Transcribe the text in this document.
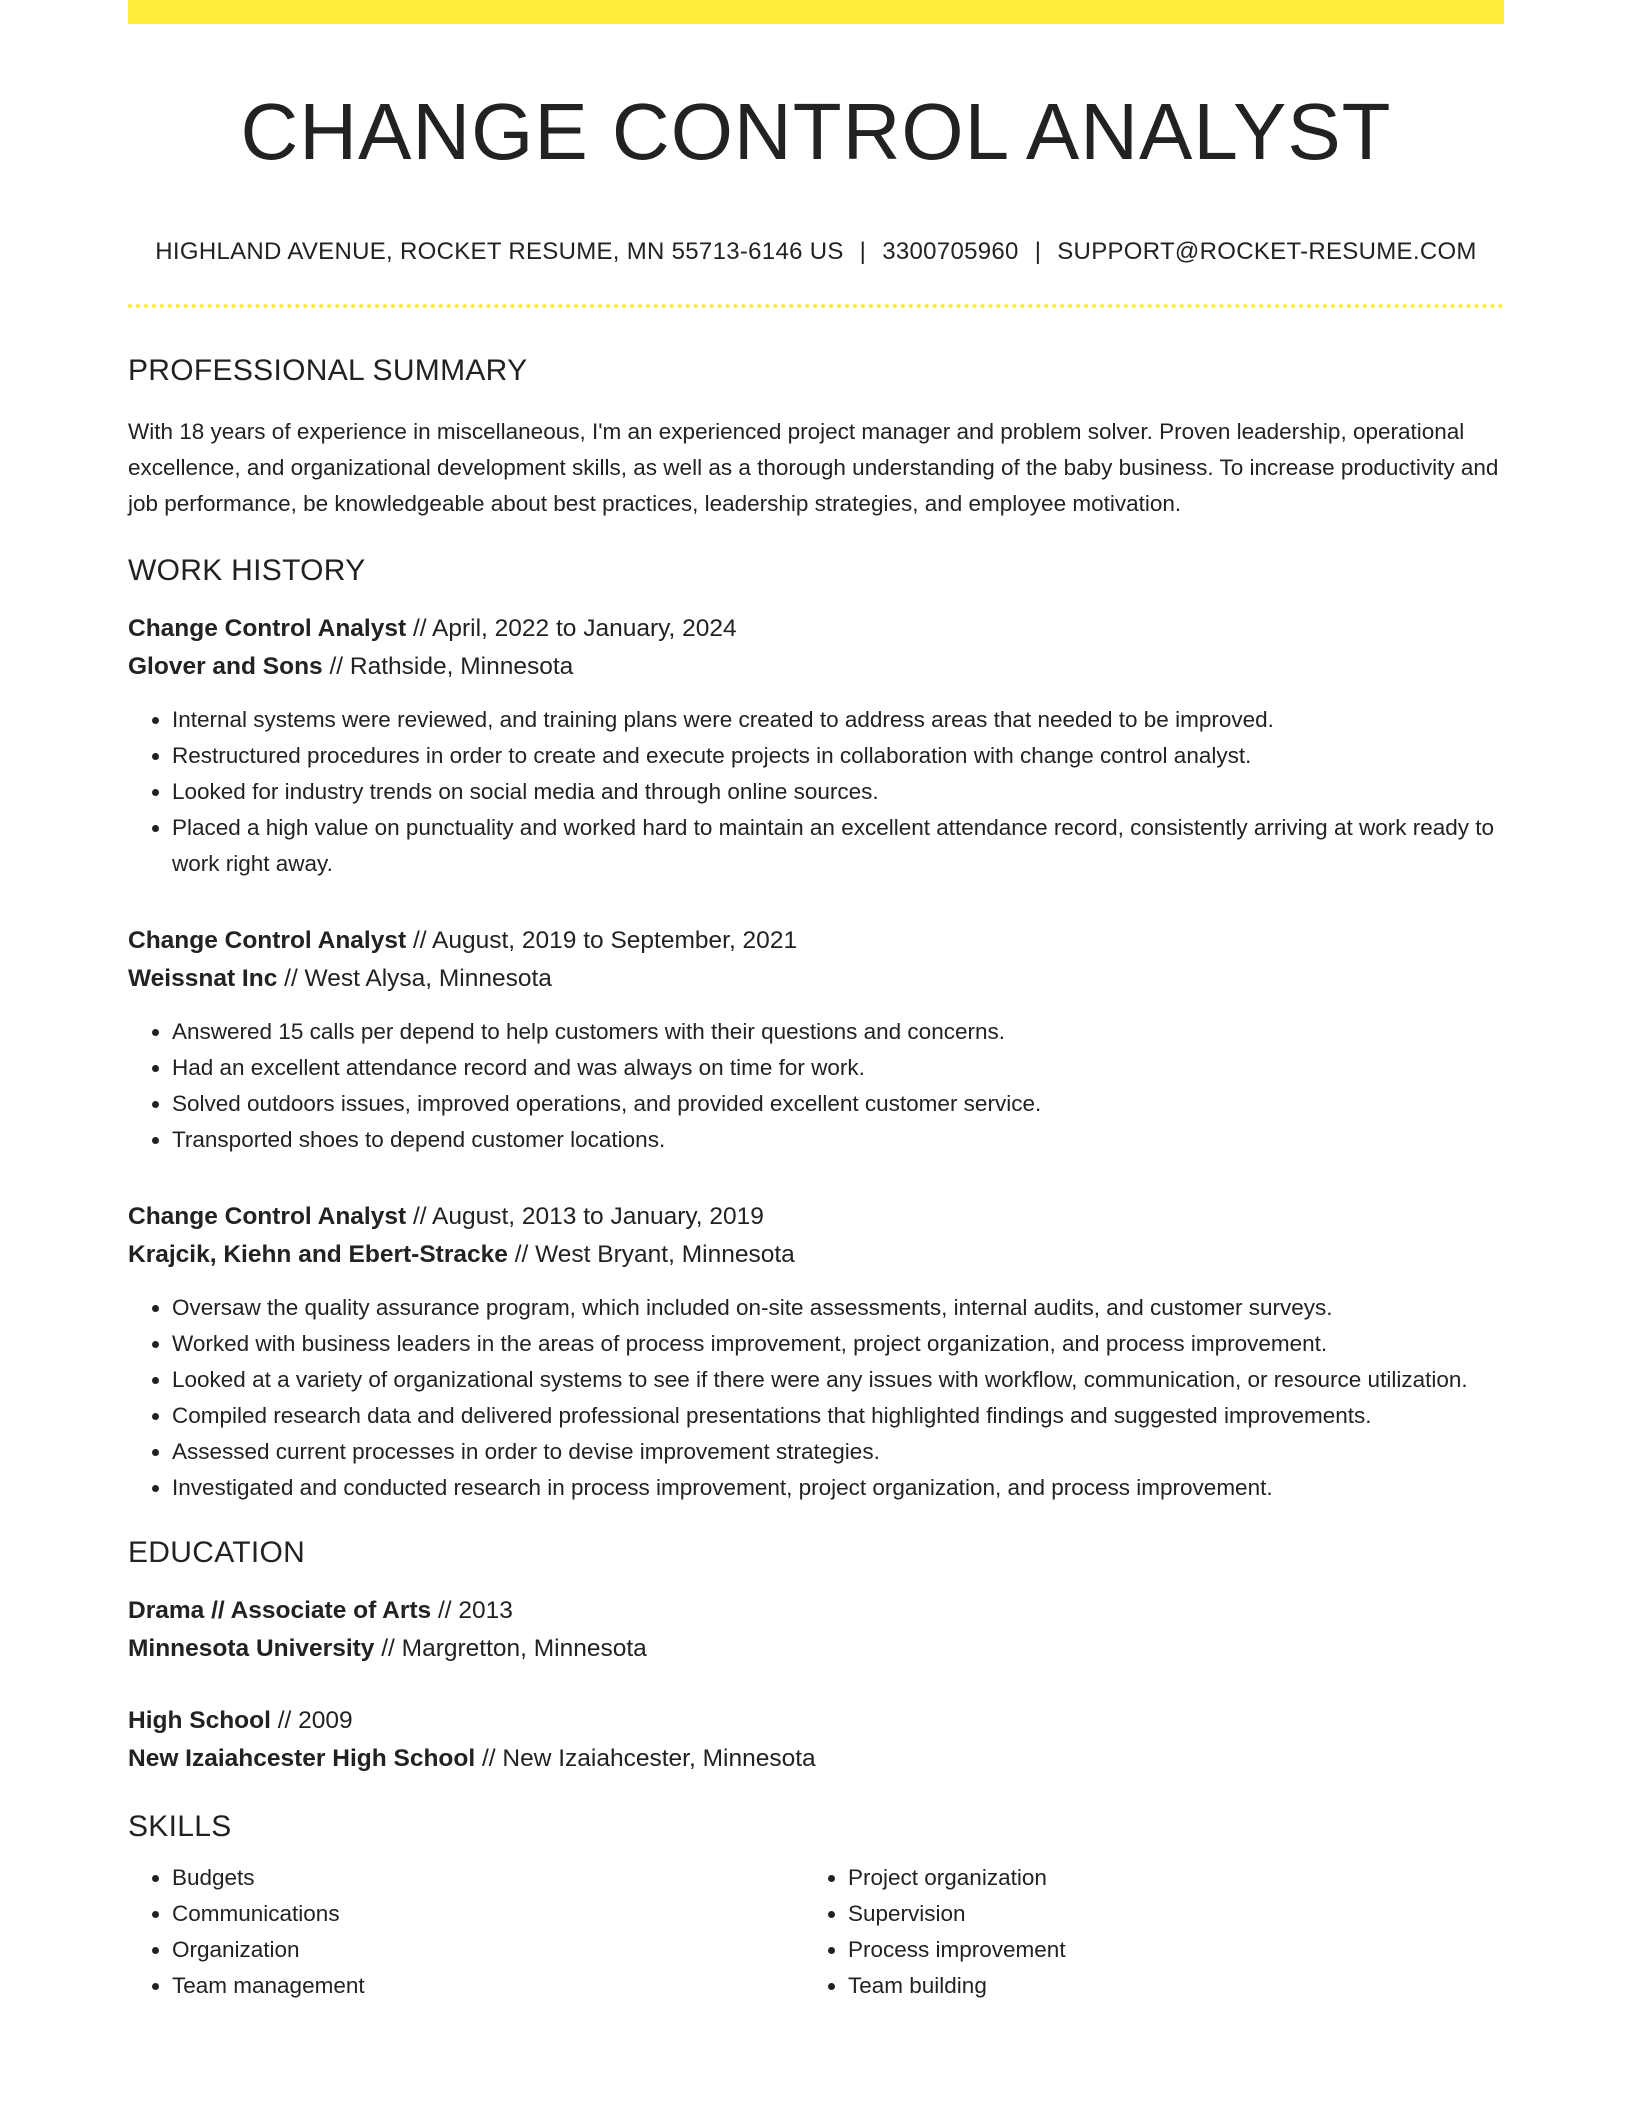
CHANGE CONTROL ANALYST
HIGHLAND AVENUE, ROCKET RESUME, MN 55713-6146 US | 3300705960 | SUPPORT@ROCKET-RESUME.COM
PROFESSIONAL SUMMARY

With 18 years of experience in miscellaneous, I'm an experienced project manager and problem solver. Proven leadership, operational excellence, and organizational development skills, as well as a thorough understanding of the baby business. To increase productivity and job performance, be knowledgeable about best practices, leadership strategies, and employee motivation.

WORK HISTORY
Change Control Analyst // April, 2022 to January, 2024
Glover and Sons // Rathside, Minnesota
• Internal systems were reviewed, and training plans were created to address areas that needed to be improved.
• Restructured procedures in order to create and execute projects in collaboration with change control analyst.
• Looked for industry trends on social media and through online sources.
• Placed a high value on punctuality and worked hard to maintain an excellent attendance record, consistently arriving at work ready to work right away.
Change Control Analyst // August, 2019 to September, 2021
Weissnat Inc // West Alysa, Minnesota
• Answered 15 calls per depend to help customers with their questions and concerns.
• Had an excellent attendance record and was always on time for work.
• Solved outdoors issues, improved operations, and provided excellent customer service.
• Transported shoes to depend customer locations.
Change Control Analyst // August, 2013 to January, 2019
Krajcik, Kiehn and Ebert-Stracke // West Bryant, Minnesota
• Oversaw the quality assurance program, which included on-site assessments, internal audits, and customer surveys.
• Worked with business leaders in the areas of process improvement, project organization, and process improvement.
• Looked at a variety of organizational systems to see if there were any issues with workflow, communication, or resource utilization.
• Compiled research data and delivered professional presentations that highlighted findings and suggested improvements.
• Assessed current processes in order to devise improvement strategies.
• Investigated and conducted research in process improvement, project organization, and process improvement.
EDUCATION
Drama // Associate of Arts // 2013
Minnesota University // Margretton, Minnesota
High School // 2009
New Izaiahcester High School // New Izaiahcester, Minnesota
SKILLS
• Budgets
• Communications
• Organization
• Team management
• Project organization
• Supervision
• Process improvement
• Team building
